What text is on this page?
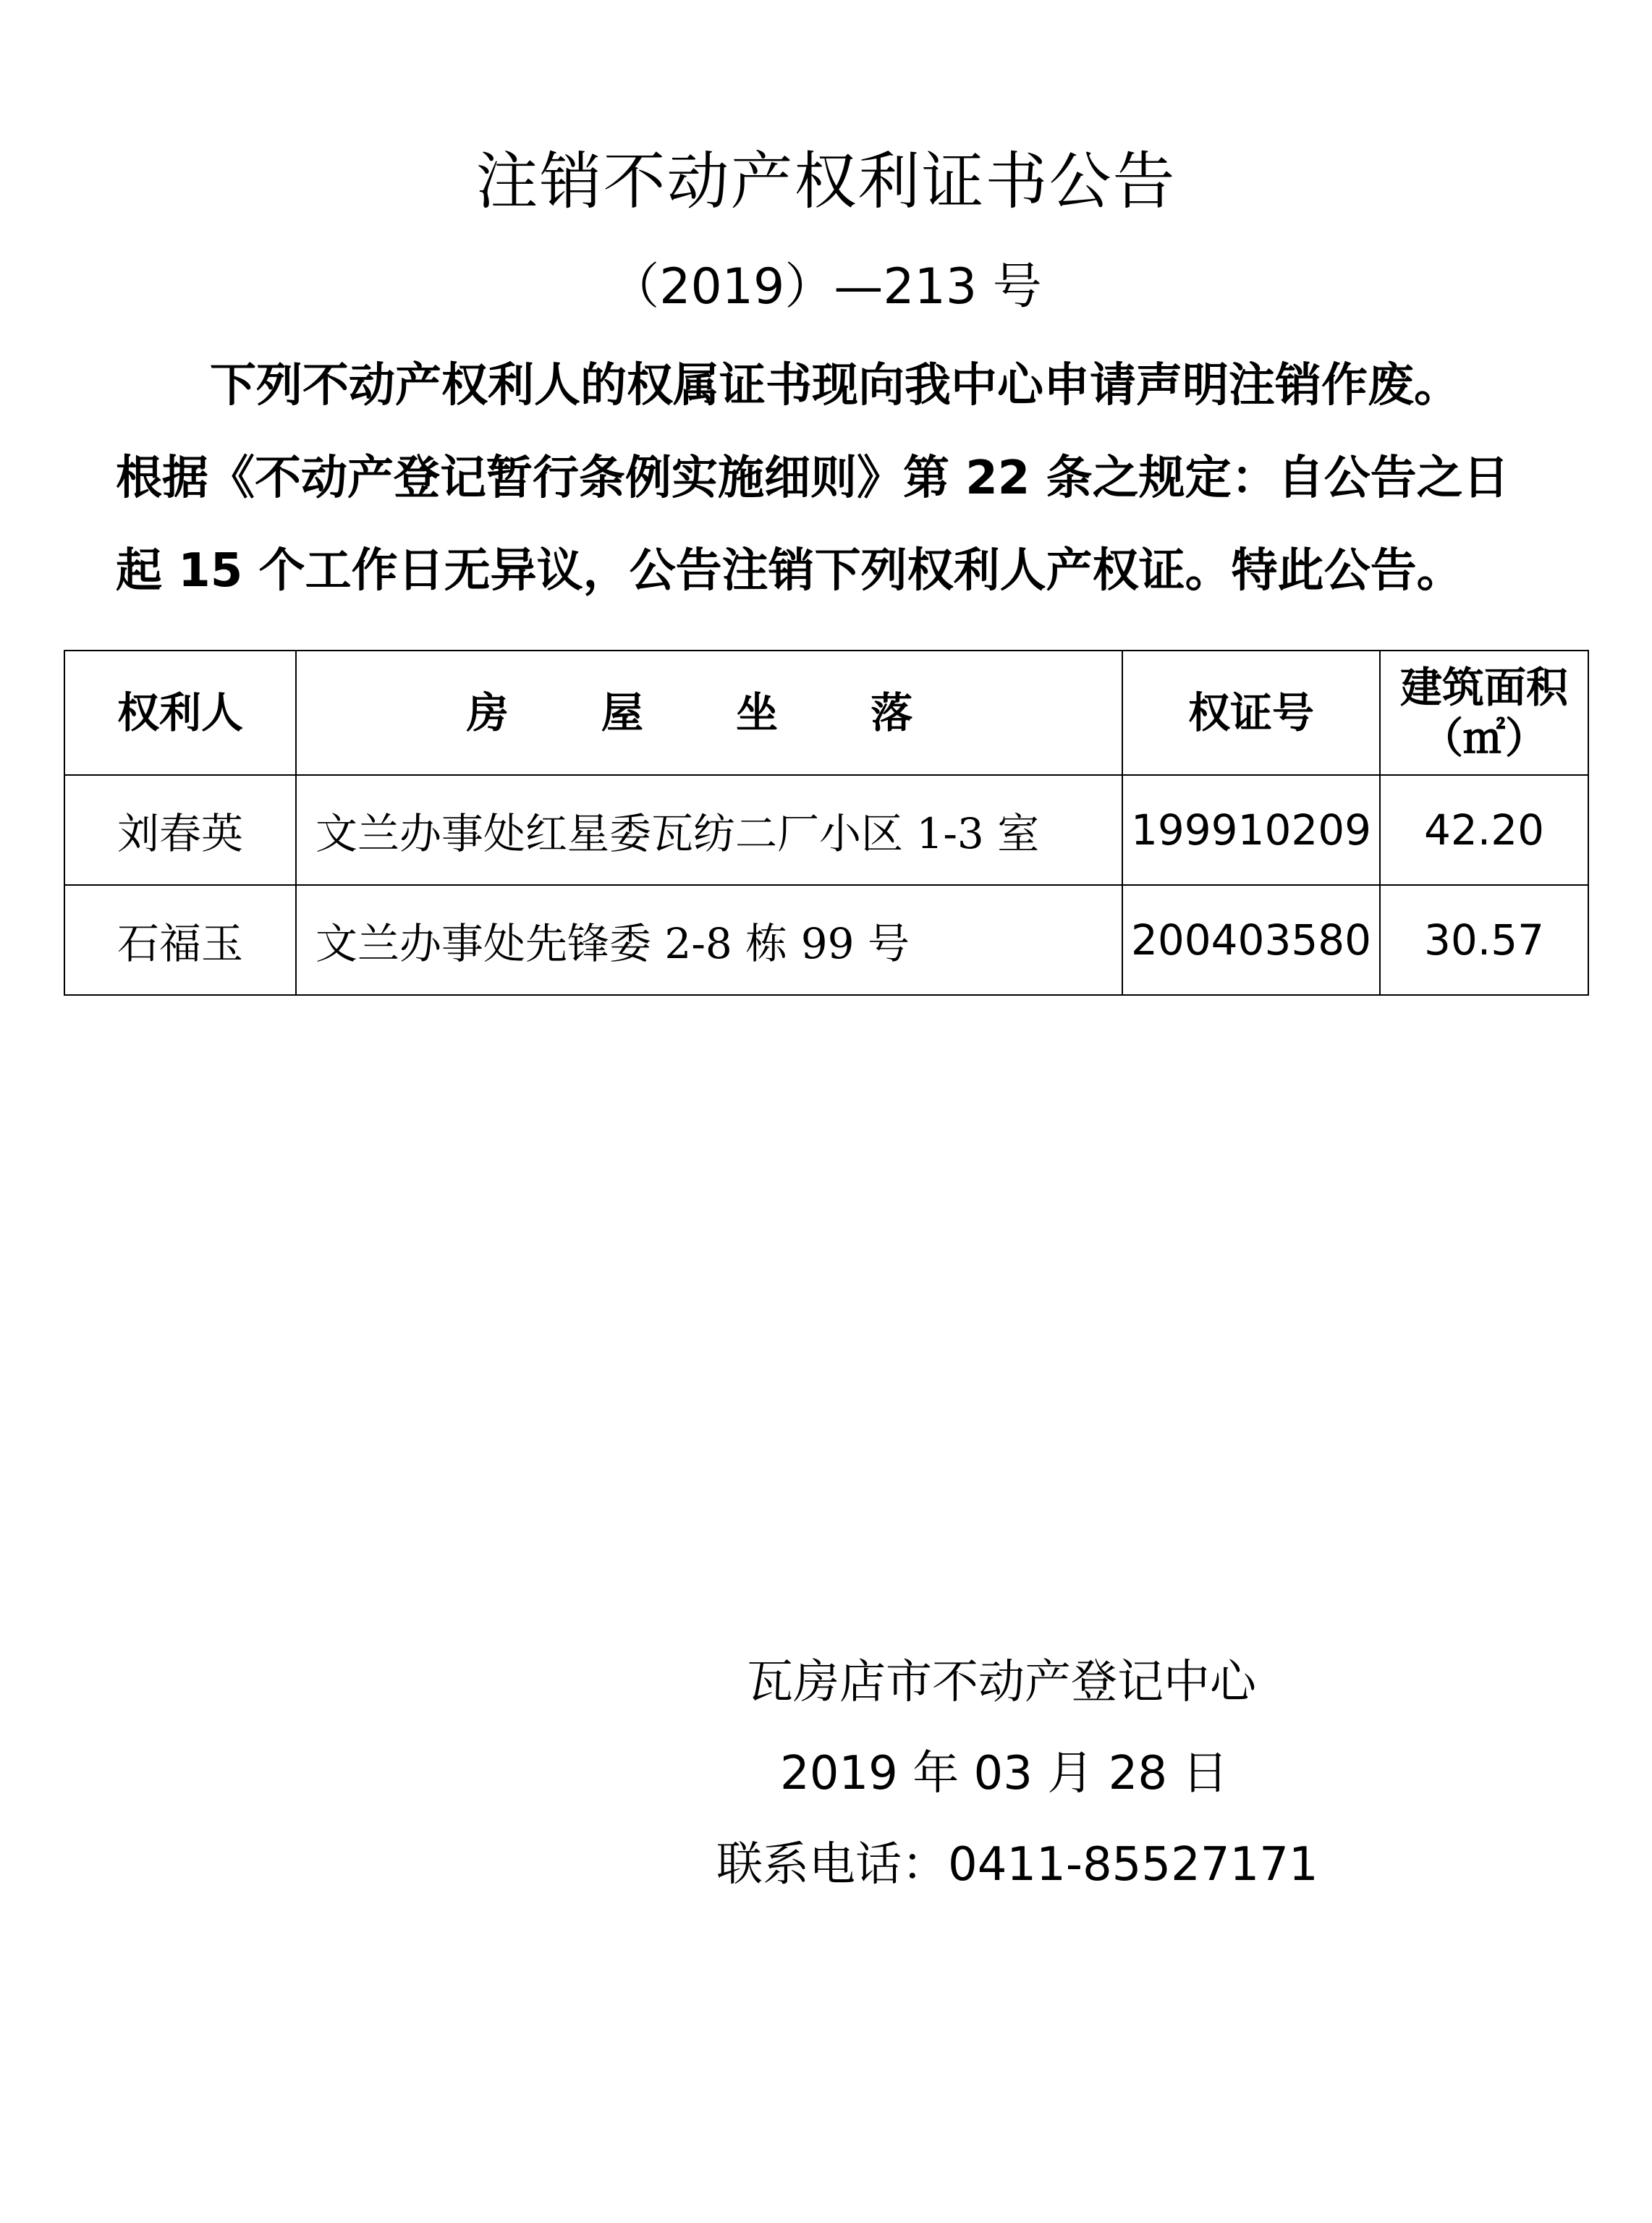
注销不动产权利证书公告
（2019）—213 号
下列不动产权利人的权属证书现向我中心申请声明注销作废。
根据《不动产登记暂行条例实施细则》第 22 条之规定：自公告之日
起 15 个工作日无异议，公告注销下列权利人产权证。特此公告。
权利人	房 屋 坐 落	权证号	建筑面积
（㎡）

刘春英	文兰办事处红星委瓦纺二厂小区 1-3 室	199910209	42.20
石福玉	文兰办事处先锋委 2-8 栋 99 号	200403580	30.57
瓦房店市不动产登记中心
2019 年 03 月 28 日
联系电话：0411-85527171
